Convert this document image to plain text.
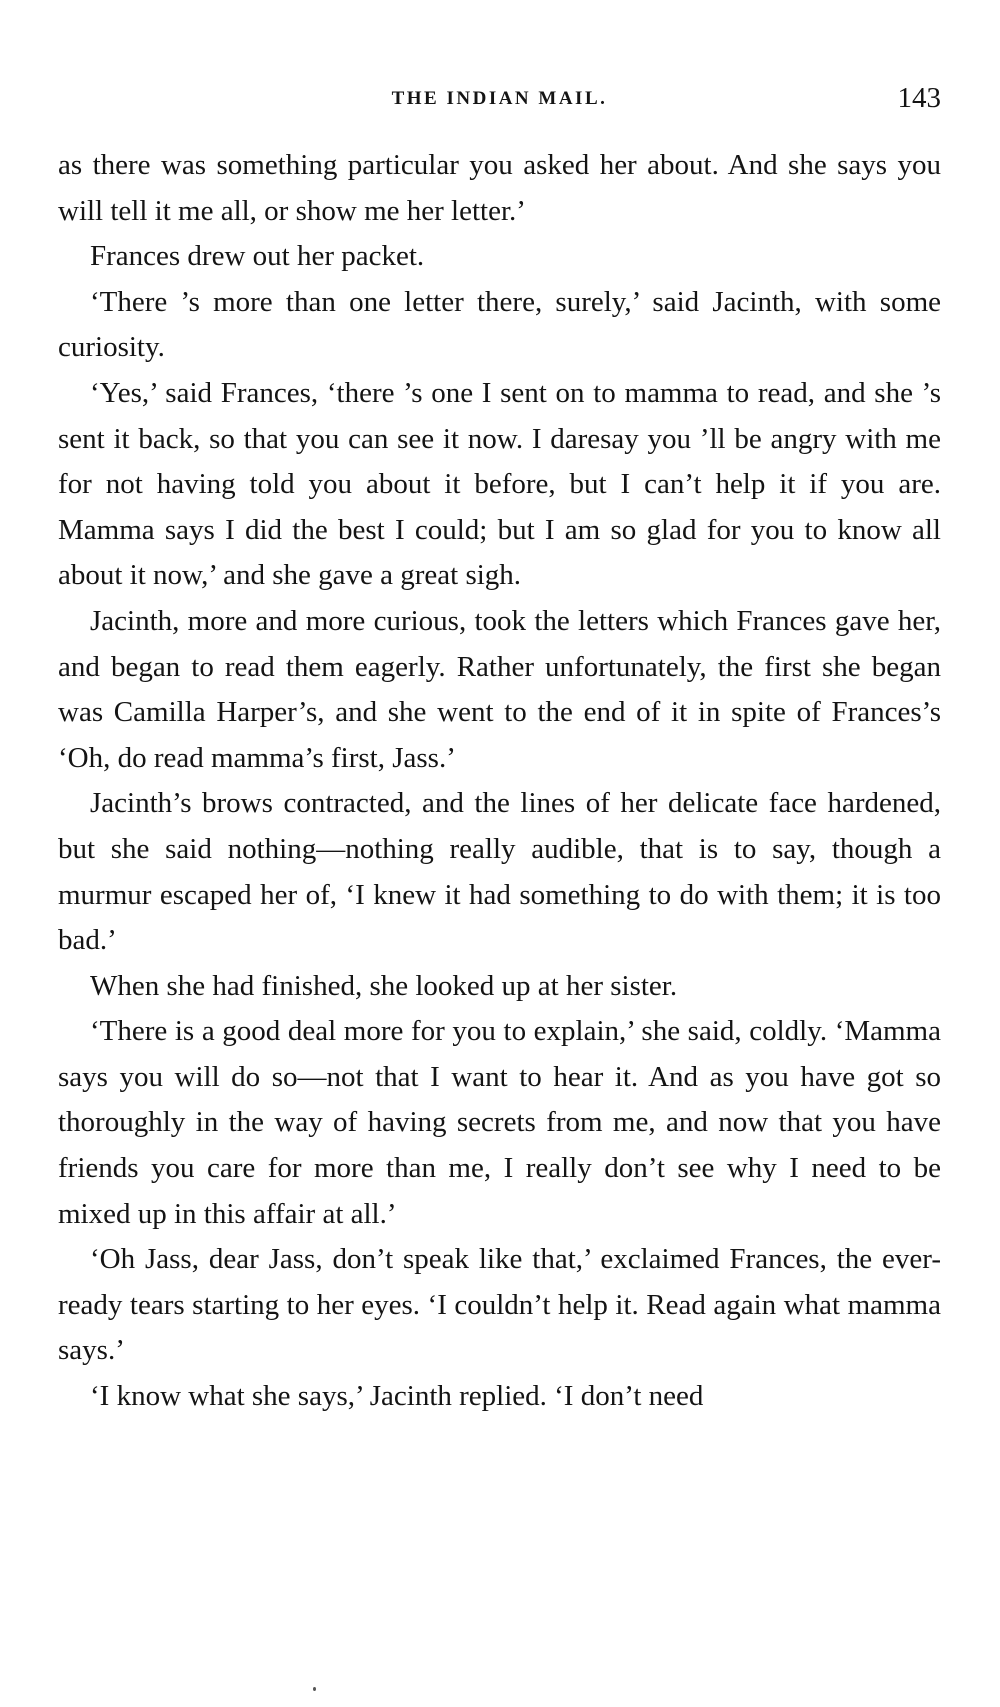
THE INDIAN MAIL.	143

as there was something particular you asked her about. And she says you will tell it me all, or show me her letter.’

Frances drew out her packet.

‘There ’s more than one letter there, surely,’ said Jacinth, with some curiosity.

‘Yes,’ said Frances, ‘there ’s one I sent on to mamma to read, and she ’s sent it back, so that you can see it now. I daresay you ’ll be angry with me for not having told you about it before, but I can’t help it if you are. Mamma says I did the best I could; but I am so glad for you to know all about it now,’ and she gave a great sigh.

Jacinth, more and more curious, took the letters which Frances gave her, and began to read them eagerly. Rather unfortunately, the first she began was Camilla Harper’s, and she went to the end of it in spite of Frances’s ‘Oh, do read mamma’s first, Jass.’

Jacinth’s brows contracted, and the lines of her delicate face hardened, but she said nothing—nothing really audible, that is to say, though a murmur escaped her of, ‘I knew it had something to do with them; it is too bad.’

When she had finished, she looked up at her sister.

‘There is a good deal more for you to explain,’ she said, coldly. ‘Mamma says you will do so—not that I want to hear it. And as you have got so thoroughly in the way of having secrets from me, and now that you have friends you care for more than me, I really don’t see why I need to be mixed up in this affair at all.’

‘Oh Jass, dear Jass, don’t speak like that,’ exclaimed Frances, the ever-ready tears starting to her eyes. ‘I couldn’t help it. Read again what mamma says.’

‘I know what she says,’ Jacinth replied. ‘I don’t need
